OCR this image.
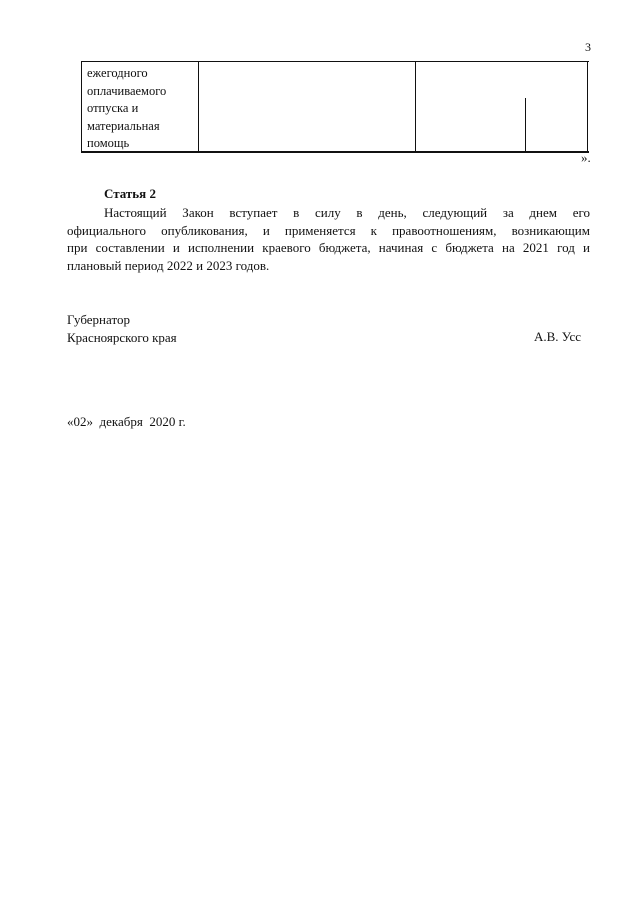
3
ежегодного
оплачиваемого
отпуска и
материальная
помощь
».
Статья 2
Настоящий Закон вступает в силу в день, следующий за днем его
официального опубликования, и применяется к правоотношениям, возникающим
при составлении и исполнении краевого бюджета, начиная с бюджета на 2021 год и
плановый период 2022 и 2023 годов.
Губернатор
Красноярского края	А.В. Усс
«02»  декабря  2020 г.
